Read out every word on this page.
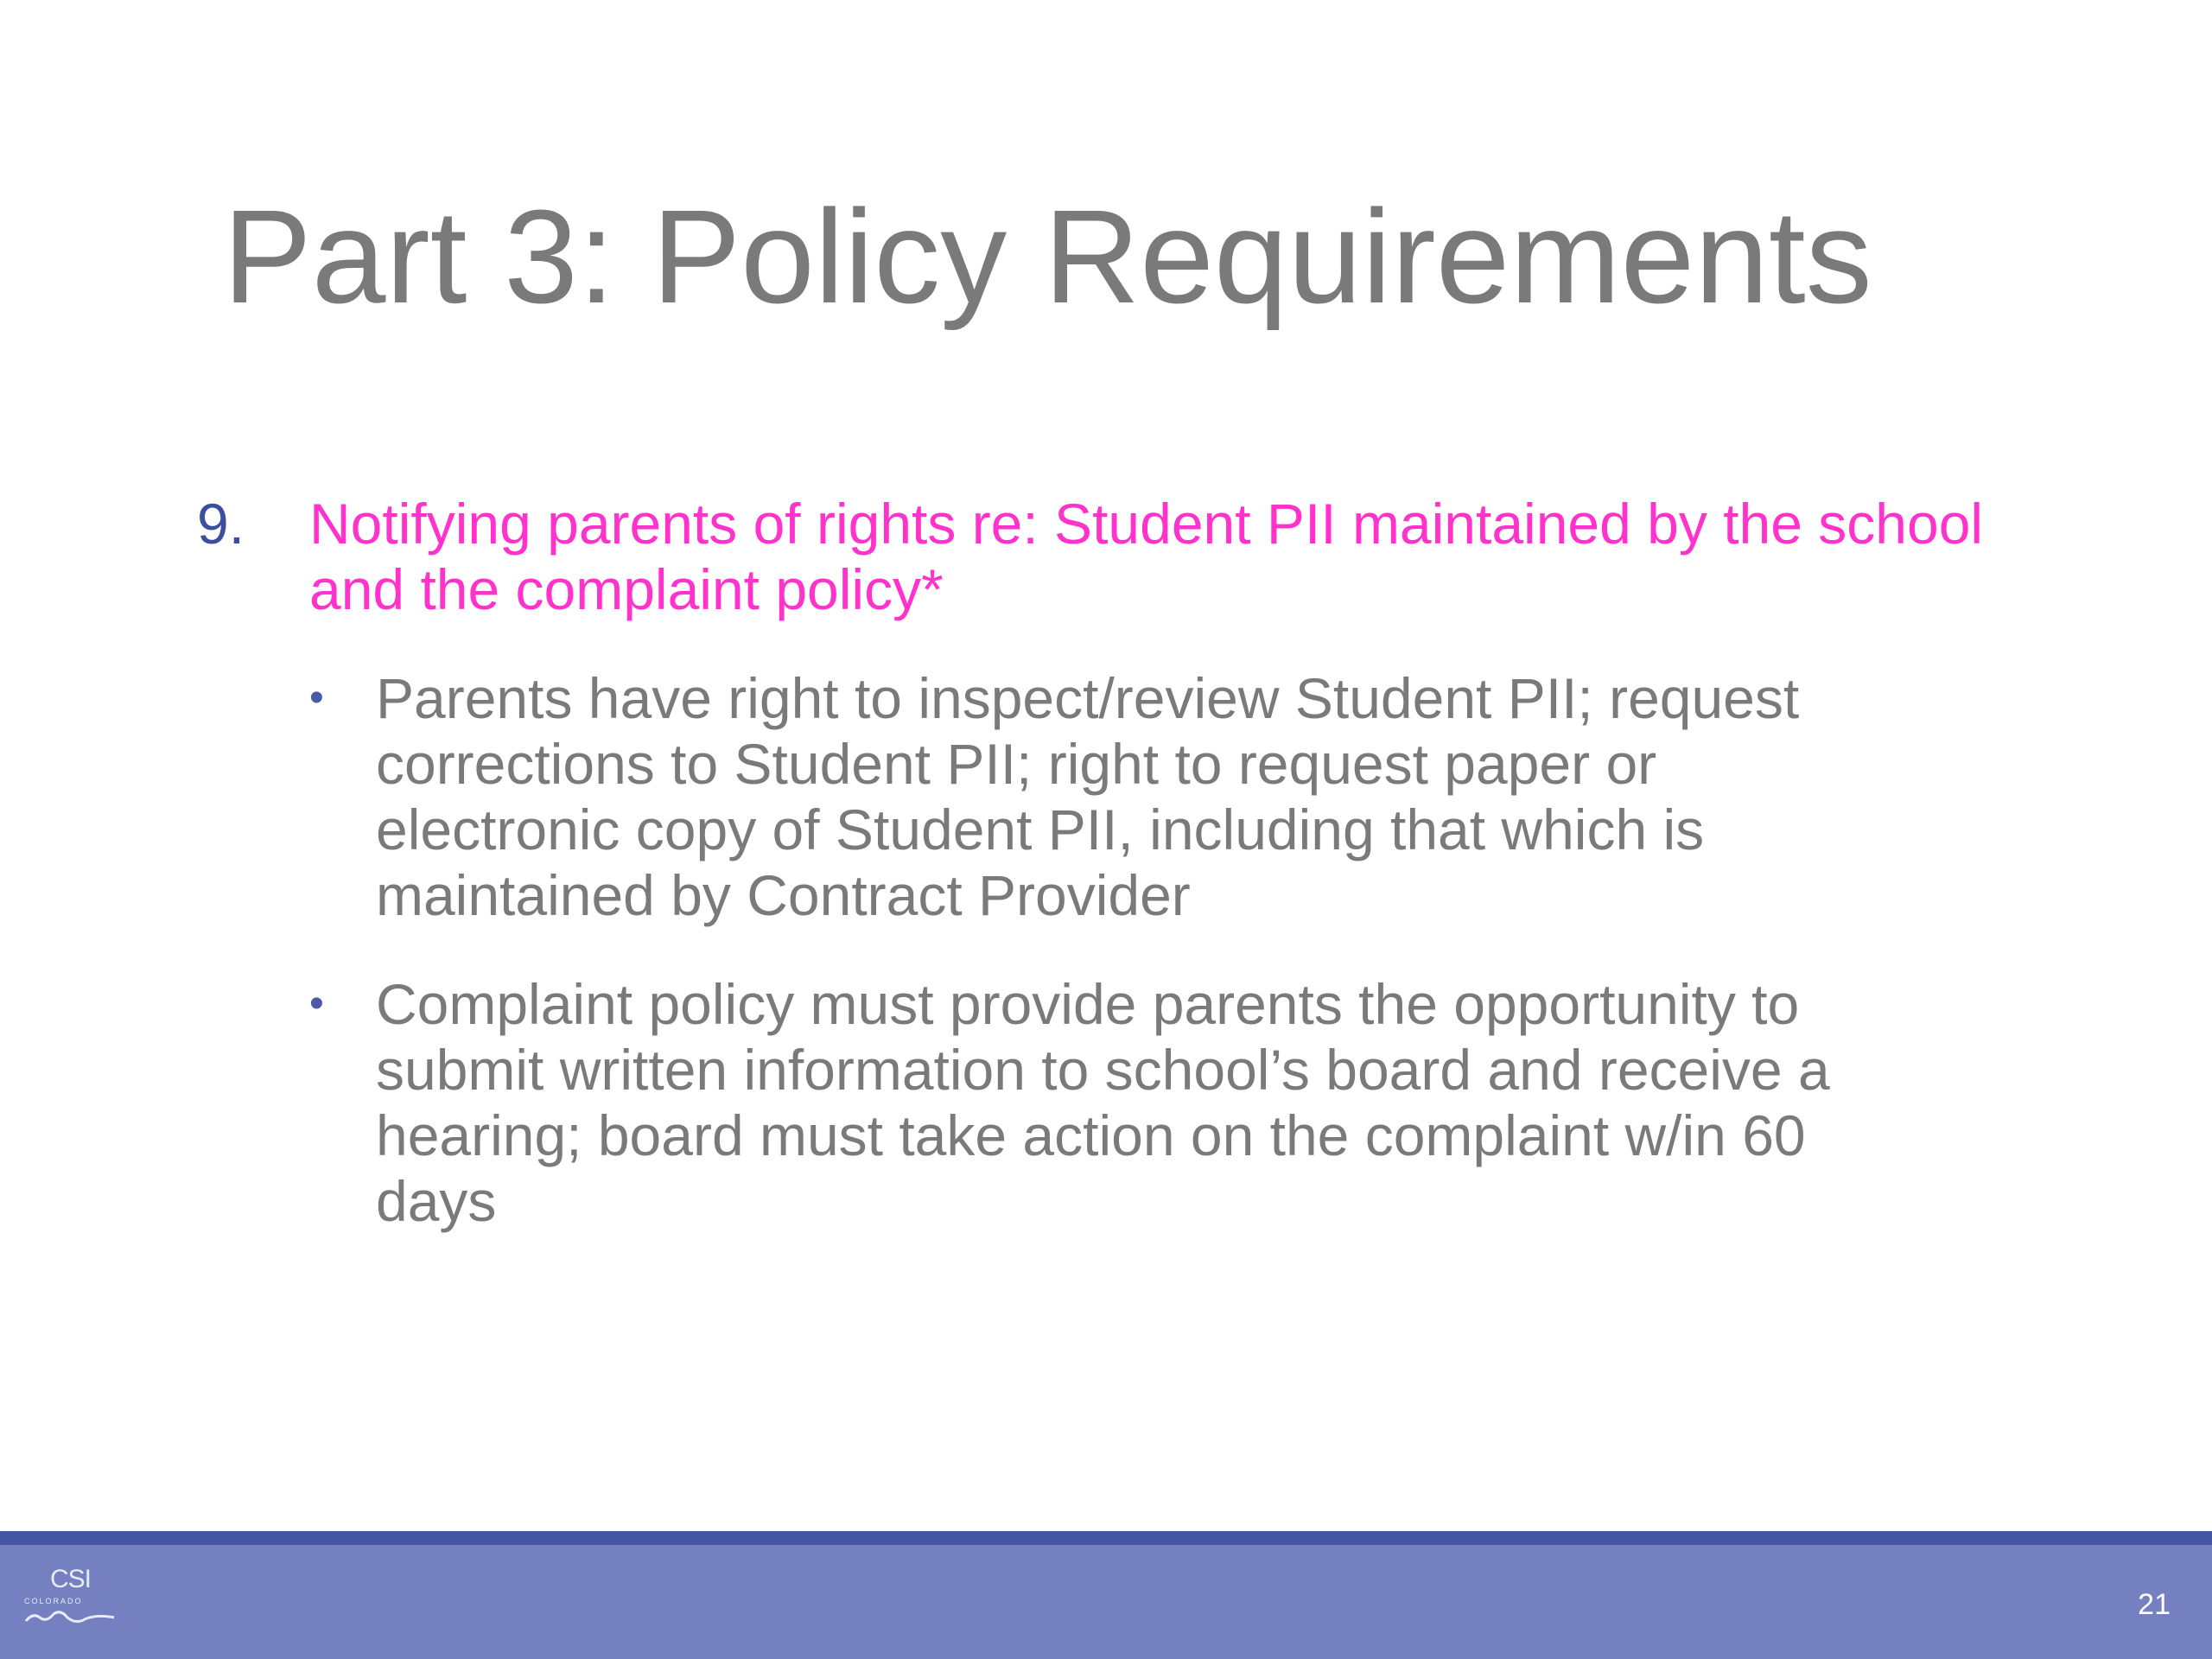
Part 3: Policy Requirements
9. Notifying parents of rights re: Student PII maintained by the school and the complaint policy*
• Parents have right to inspect/review Student PII; request
corrections to Student PII; right to request paper or
electronic copy of Student PII, including that which is
maintained by Contract Provider
• Complaint policy must provide parents the opportunity to
submit written information to school’s board and receive a
hearing; board must take action on the complaint w/in 60
days
CSI
COLORADO	21
